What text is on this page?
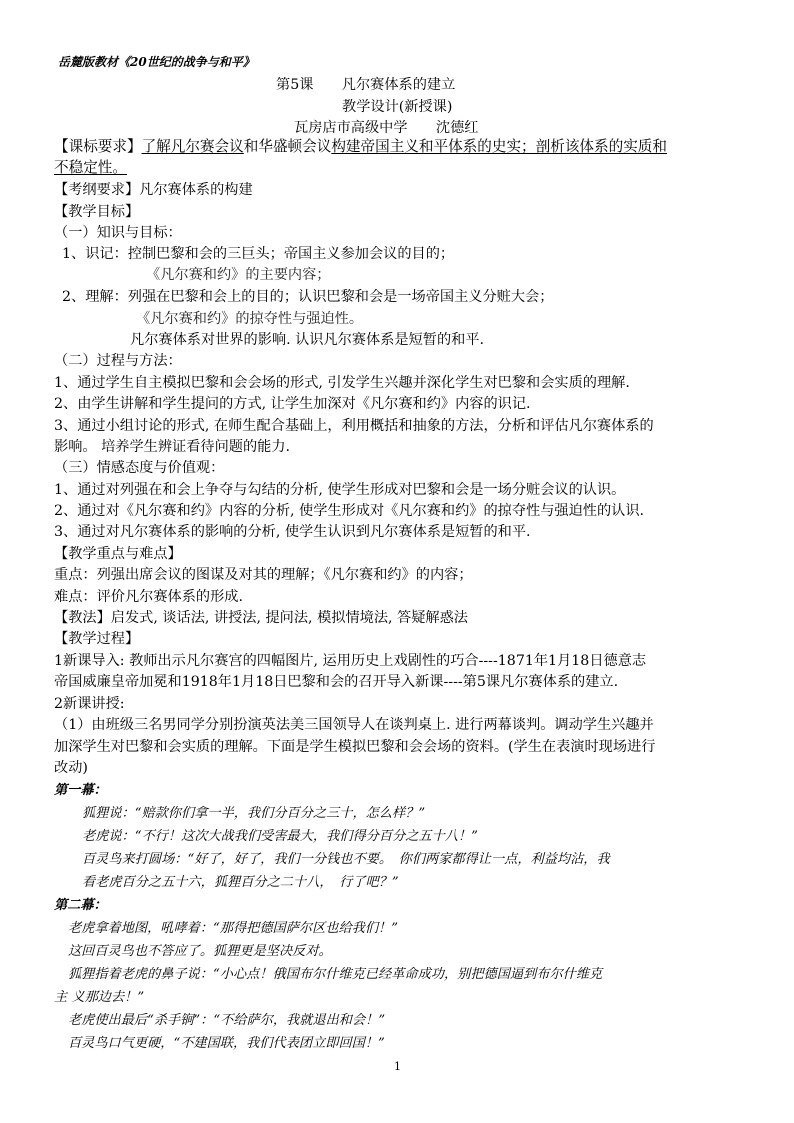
岳麓版教材《20世纪的战争与和平》
第5课　　凡尔赛体系的建立
教学设计(新授课)
瓦房店市高级中学　　沈德红
【课标要求】了解凡尔赛会议和华盛顿会议构建帝国主义和平体系的史实；剖析该体系的实质和
不稳定性。
【考纲要求】凡尔赛体系的构建
【教学目标】
（一）知识与目标：
1、识记：控制巴黎和会的三巨头；帝国主义参加会议的目的；
《凡尔赛和约》的主要内容；
2、理解：列强在巴黎和会上的目的；认识巴黎和会是一场帝国主义分赃大会；
《凡尔赛和约》的掠夺性与强迫性。
凡尔赛体系对世界的影响. 认识凡尔赛体系是短暂的和平.
（二）过程与方法：
1、通过学生自主模拟巴黎和会会场的形式, 引发学生兴趣并深化学生对巴黎和会实质的理解.
2、由学生讲解和学生提问的方式, 让学生加深对《凡尔赛和约》内容的识记.
3、通过小组讨论的形式, 在师生配合基础上，利用概括和抽象的方法，分析和评估凡尔赛体系的
影响。 培养学生辨证看待问题的能力.
（三）情感态度与价值观：
1、通过对列强在和会上争夺与勾结的分析, 使学生形成对巴黎和会是一场分赃会议的认识。
2、通过对《凡尔赛和约》内容的分析, 使学生形成对《凡尔赛和约》的掠夺性与强迫性的认识.
3、通过对凡尔赛体系的影响的分析, 使学生认识到凡尔赛体系是短暂的和平.
【教学重点与难点】
重点：列强出席会议的图谋及对其的理解；《凡尔赛和约》的内容；
难点：评价凡尔赛体系的形成.
【教法】启发式, 谈话法, 讲授法, 提问法, 模拟情境法, 答疑解惑法
【教学过程】
1新课导入: 教师出示凡尔赛宫的四幅图片, 运用历史上戏剧性的巧合----1871年1月18日德意志
帝国威廉皇帝加冕和1918年1月18日巴黎和会的召开导入新课----第5课凡尔赛体系的建立.
2新课讲授:
（1）由班级三名男同学分别扮演英法美三国领导人在谈判桌上. 进行两幕谈判。调动学生兴趣并
加深学生对巴黎和会实质的理解。下面是学生模拟巴黎和会会场的资料。(学生在表演时现场进行
改动)
第一幕：
狐狸说：“赔款你们拿一半，我们分百分之三十，怎么样？”
老虎说：“不行！这次大战我们受害最大，我们得分百分之五十八！”
百灵鸟来打圆场：“好了，好了，我们一分钱也不要。　你们两家都得让一点，利益均沾，我
看老虎百分之五十六，狐狸百分之二十八，　行了吧？”
第二幕：
老虎拿着地图，吼哮着：“那得把德国萨尔区也给我们！”
这回百灵鸟也不答应了。狐狸更是坚决反对。
狐狸指着老虎的鼻子说：“小心点！俄国布尔什维克已经革命成功，别把德国逼到布尔什维克
主 义那边去！”
老虎使出最后“杀手锏”：“不给萨尔，我就退出和会！”
百灵鸟口气更硬，“不建国联，我们代表团立即回国！”
1
